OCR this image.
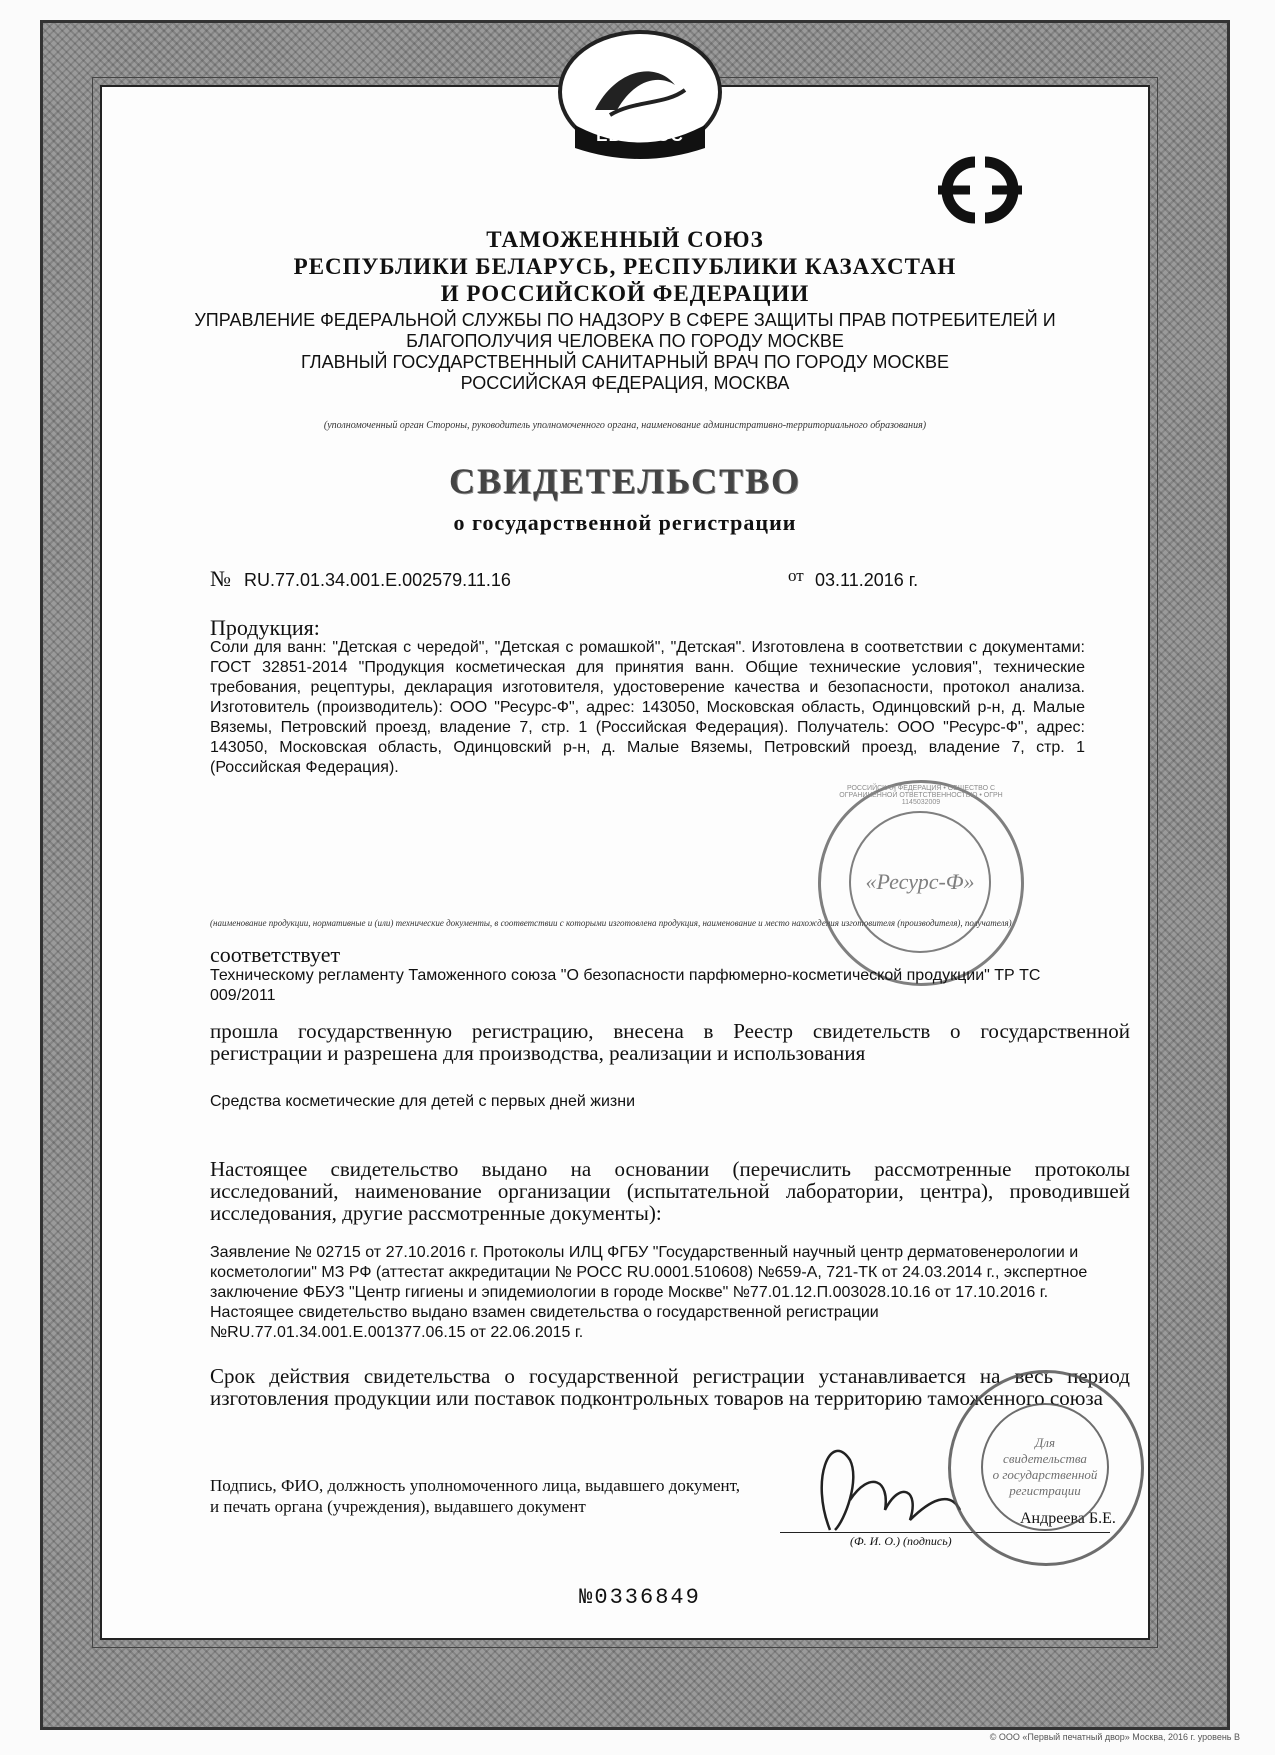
ЕВРАЗЭС
ТАМОЖЕННЫЙ СОЮЗ
РЕСПУБЛИКИ БЕЛАРУСЬ, РЕСПУБЛИКИ КАЗАХСТАН
И РОССИЙСКОЙ ФЕДЕРАЦИИ
УПРАВЛЕНИЕ ФЕДЕРАЛЬНОЙ СЛУЖБЫ ПО НАДЗОРУ В СФЕРЕ ЗАЩИТЫ ПРАВ ПОТРЕБИТЕЛЕЙ И
БЛАГОПОЛУЧИЯ ЧЕЛОВЕКА ПО ГОРОДУ МОСКВЕ
ГЛАВНЫЙ ГОСУДАРСТВЕННЫЙ САНИТАРНЫЙ ВРАЧ ПО ГОРОДУ МОСКВЕ
РОССИЙСКАЯ ФЕДЕРАЦИЯ, МОСКВА
(уполномоченный орган Стороны, руководитель уполномоченного органа, наименование административно-территориального образования)
СВИДЕТЕЛЬСТВО
о государственной регистрации
№ RU.77.01.34.001.E.002579.11.16	от 03.11.2016 г.
Продукция:
Соли для ванн: "Детская с чередой", "Детская с ромашкой", "Детская". Изготовлена в соответствии с документами: ГОСТ 32851-2014 "Продукция косметическая для принятия ванн. Общие технические условия", технические требования, рецептуры, декларация изготовителя, удостоверение качества и безопасности, протокол анализа. Изготовитель (производитель): ООО "Ресурс-Ф", адрес: 143050, Московская область, Одинцовский р-н, д. Малые Вяземы, Петровский проезд, владение 7, стр. 1 (Российская Федерация). Получатель: ООО "Ресурс-Ф", адрес: 143050, Московская область, Одинцовский р-н, д. Малые Вяземы, Петровский проезд, владение 7, стр. 1 (Российская Федерация).
(наименование продукции, нормативные и (или) технические документы, в соответствии с которыми изготовлена продукция, наименование и место нахождения изготовителя (производителя), получателя)
«Ресурс-Ф»
РОССИЙСКАЯ ФЕДЕРАЦИЯ • ОБЩЕСТВО С ОГРАНИЧЕННОЙ ОТВЕТСТВЕННОСТЬЮ • ОГРН 1145032009
соответствует
Техническому регламенту Таможенного союза "О безопасности парфюмерно-косметической продукции" ТР ТС 009/2011
прошла государственную регистрацию, внесена в Реестр свидетельств о государственной регистрации и разрешена для производства, реализации и использования
Средства косметические для детей с первых дней жизни
Настоящее свидетельство выдано на основании (перечислить рассмотренные протоколы исследований, наименование организации (испытательной лаборатории, центра), проводившей исследования, другие рассмотренные документы):
Заявление № 02715 от 27.10.2016 г. Протоколы ИЛЦ ФГБУ "Государственный научный центр дерматовенерологии и косметологии" МЗ РФ (аттестат аккредитации № РОСС RU.0001.510608) №659-А, 721-ТК от 24.03.2014 г., экспертное заключение ФБУЗ "Центр гигиены и эпидемиологии в городе Москве" №77.01.12.П.003028.10.16 от 17.10.2016 г. Настоящее свидетельство выдано взамен свидетельства о государственной регистрации №RU.77.01.34.001.Е.001377.06.15 от 22.06.2015 г.
Срок действия свидетельства о государственной регистрации устанавливается на весь период изготовления продукции или поставок подконтрольных товаров на территорию таможенного союза
Подпись, ФИО, должность уполномоченного лица, выдавшего документ, и печать органа (учреждения), выдавшего документ
Андреева Б.Е.
(Ф. И. О.) (подпись)
Для
свидетельства
о государственной
регистрации
№0336849
© ООО «Первый печатный двор» Москва, 2016 г. уровень В
